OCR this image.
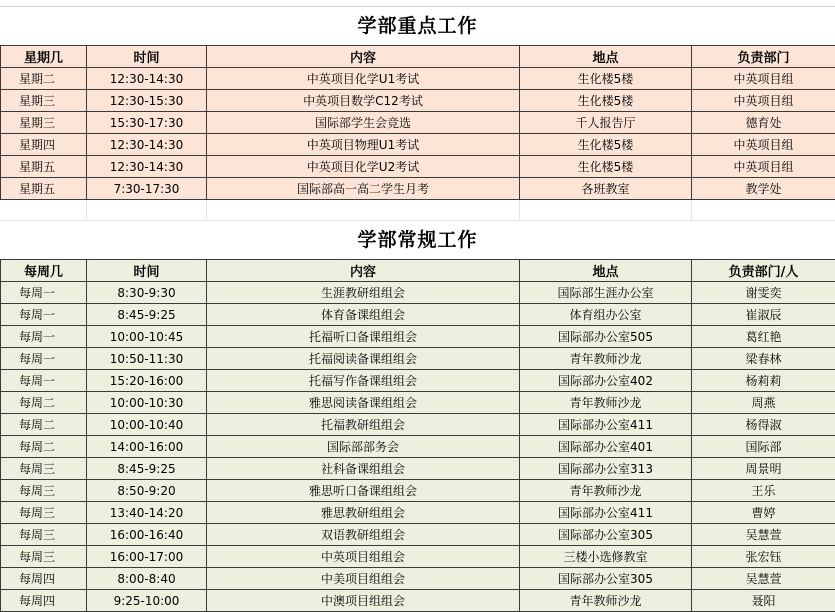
学部重点工作
星期几	时间	内容	地点	负责部门
星期二	12:30-14:30	中英项目化学U1考试	生化楼5楼	中英项目组
星期三	12:30-15:30	中英项目数学C12考试	生化楼5楼	中英项目组
星期三	15:30-17:30	国际部学生会竞选	千人报告厅	德育处
星期四	12:30-14:30	中英项目物理U1考试	生化楼5楼	中英项目组
星期五	12:30-14:30	中英项目化学U2考试	生化楼5楼	中英项目组
星期五	7:30-17:30	国际部高一高二学生月考	各班教室	教学处
学部常规工作
每周几	时间	内容	地点	负责部门/人
每周一	8:30-9:30	生涯教研组组会	国际部生涯办公室	谢雯奕
每周一	8:45-9:25	体育备课组组会	体育组办公室	崔淑辰
每周一	10:00-10:45	托福听口备课组组会	国际部办公室505	葛红艳
每周一	10:50-11:30	托福阅读备课组组会	青年教师沙龙	梁春林
每周一	15:20-16:00	托福写作备课组组会	国际部办公室402	杨莉莉
每周二	10:00-10:30	雅思阅读备课组组会	青年教师沙龙	周燕
每周二	10:00-10:40	托福教研组组会	国际部办公室411	杨得淑
每周二	14:00-16:00	国际部部务会	国际部办公室401	国际部
每周三	8:45-9:25	社科备课组组会	国际部办公室313	周景明
每周三	8:50-9:20	雅思听口备课组组会	青年教师沙龙	王乐
每周三	13:40-14:20	雅思教研组组会	国际部办公室411	曹婷
每周三	16:00-16:40	双语教研组组会	国际部办公室305	吴慧萱
每周三	16:00-17:00	中英项目组组会	三楼小选修教室	张宏钰
每周四	8:00-8:40	中美项目组组会	国际部办公室305	吴慧萱
每周四	9:25-10:00	中澳项目组组会	青年教师沙龙	聂阳
